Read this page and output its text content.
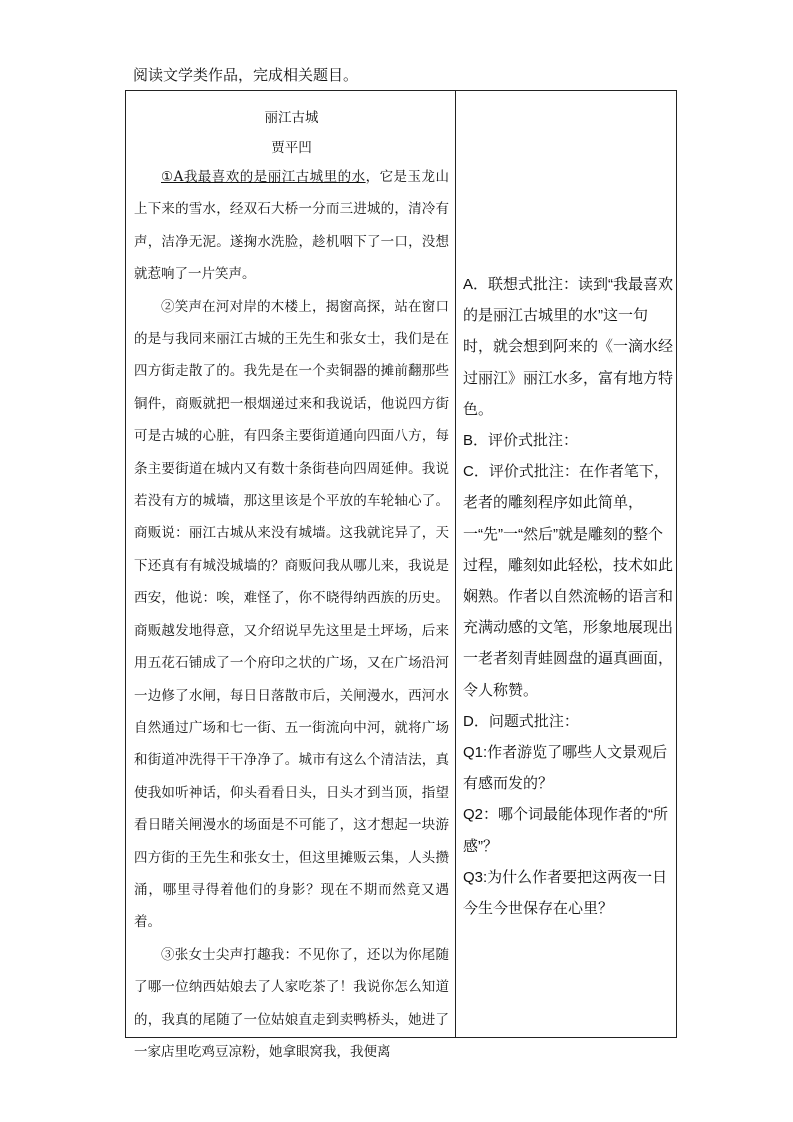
阅读文学类作品，完成相关题目。
丽江古城
贾平凹

①A我最喜欢的是丽江古城里的水，它是玉龙山上下来的雪水，经双石大桥一分而三进城的，清冷有声，洁净无泥。遂掬水洗脸，趁机咽下了一口，没想就惹响了一片笑声。

②笑声在河对岸的木楼上，揭窗高探，站在窗口的是与我同来丽江古城的王先生和张女士，我们是在四方街走散了的。我先是在一个卖铜器的摊前翻那些铜件，商贩就把一根烟递过来和我说话，他说四方街可是古城的心脏，有四条主要街道通向四面八方，每条主要街道在城内又有数十条街巷向四周延伸。我说若没有方的城墙，那这里该是个平放的车轮轴心了。商贩说：丽江古城从来没有城墙。这我就诧异了，天下还真有有城没城墙的？商贩问我从哪儿来，我说是西安，他说：唉，难怪了，你不晓得纳西族的历史。商贩越发地得意，又介绍说早先这里是土坪场，后来用五花石铺成了一个府印之状的广场，又在广场沿河一边修了水闸，每日日落散市后，关闸漫水，西河水自然通过广场和七一街、五一街流向中河，就将广场和街道冲洗得干干净净了。城市有这么个清洁法，真使我如听神话，仰头看看日头，日头才到当顶，指望看日睹关闸漫水的场面是不可能了，这才想起一块游四方街的王先生和张女士，但这里摊贩云集，人头攒涌，哪里寻得着他们的身影？现在不期而然竟又遇着。

③张女士尖声打趣我：不见你了，还以为你尾随了哪一位纳西姑娘去了人家吃茶了！我说你怎么知道的，我真的尾随了一位姑娘直走到卖鸭桥头，她进了一家店里吃鸡豆凉粉，她拿眼窝我，我便离

A．联想式批注：读到“我最喜欢的是丽江古城里的水”这一句时，就会想到阿来的《一滴水经过丽江》丽江水多，富有地方特色。

B．评价式批注：

C．评价式批注：在作者笔下，老者的雕刻程序如此简单，一“先”一“然后”就是雕刻的整个过程，雕刻如此轻松，技术如此娴熟。作者以自然流畅的语言和充满动感的文笔，形象地展现出一老者刻青蛙圆盘的逼真画面，令人称赞。

D．问题式批注：

Q1:作者游览了哪些人文景观后有感而发的？

Q2：哪个词最能体现作者的“所感”？

Q3:为什么作者要把这两夜一日今生今世保存在心里？
